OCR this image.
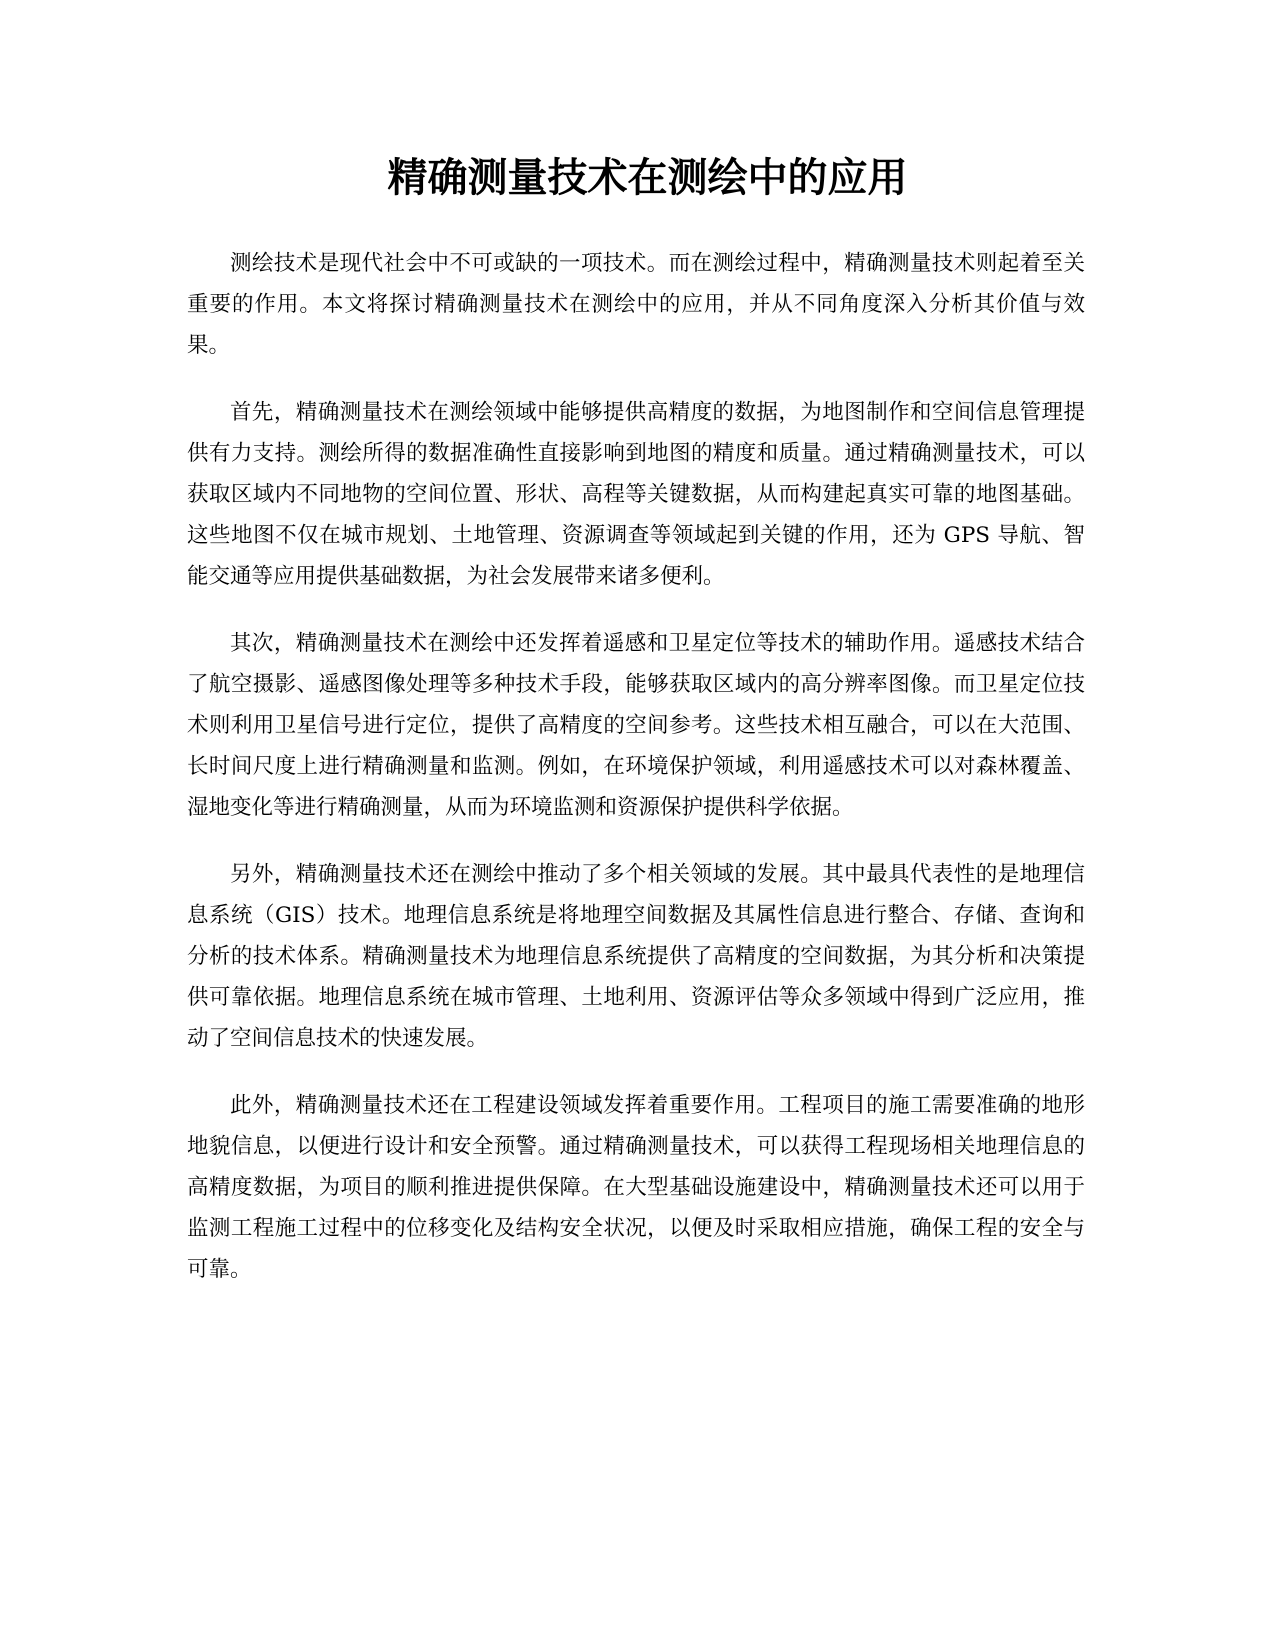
精确测量技术在测绘中的应用

测绘技术是现代社会中不可或缺的一项技术。而在测绘过程中，精确测量技术则起着至关重要的作用。本文将探讨精确测量技术在测绘中的应用，并从不同角度深入分析其价值与效果。

首先，精确测量技术在测绘领域中能够提供高精度的数据，为地图制作和空间信息管理提供有力支持。测绘所得的数据准确性直接影响到地图的精度和质量。通过精确测量技术，可以获取区域内不同地物的空间位置、形状、高程等关键数据，从而构建起真实可靠的地图基础。这些地图不仅在城市规划、土地管理、资源调查等领域起到关键的作用，还为 GPS 导航、智能交通等应用提供基础数据，为社会发展带来诸多便利。

其次，精确测量技术在测绘中还发挥着遥感和卫星定位等技术的辅助作用。遥感技术结合了航空摄影、遥感图像处理等多种技术手段，能够获取区域内的高分辨率图像。而卫星定位技术则利用卫星信号进行定位，提供了高精度的空间参考。这些技术相互融合，可以在大范围、长时间尺度上进行精确测量和监测。例如，在环境保护领域，利用遥感技术可以对森林覆盖、湿地变化等进行精确测量，从而为环境监测和资源保护提供科学依据。

另外，精确测量技术还在测绘中推动了多个相关领域的发展。其中最具代表性的是地理信息系统（GIS）技术。地理信息系统是将地理空间数据及其属性信息进行整合、存储、查询和分析的技术体系。精确测量技术为地理信息系统提供了高精度的空间数据，为其分析和决策提供可靠依据。地理信息系统在城市管理、土地利用、资源评估等众多领域中得到广泛应用，推动了空间信息技术的快速发展。

此外，精确测量技术还在工程建设领域发挥着重要作用。工程项目的施工需要准确的地形地貌信息，以便进行设计和安全预警。通过精确测量技术，可以获得工程现场相关地理信息的高精度数据，为项目的顺利推进提供保障。在大型基础设施建设中，精确测量技术还可以用于监测工程施工过程中的位移变化及结构安全状况，以便及时采取相应措施，确保工程的安全与可靠。
